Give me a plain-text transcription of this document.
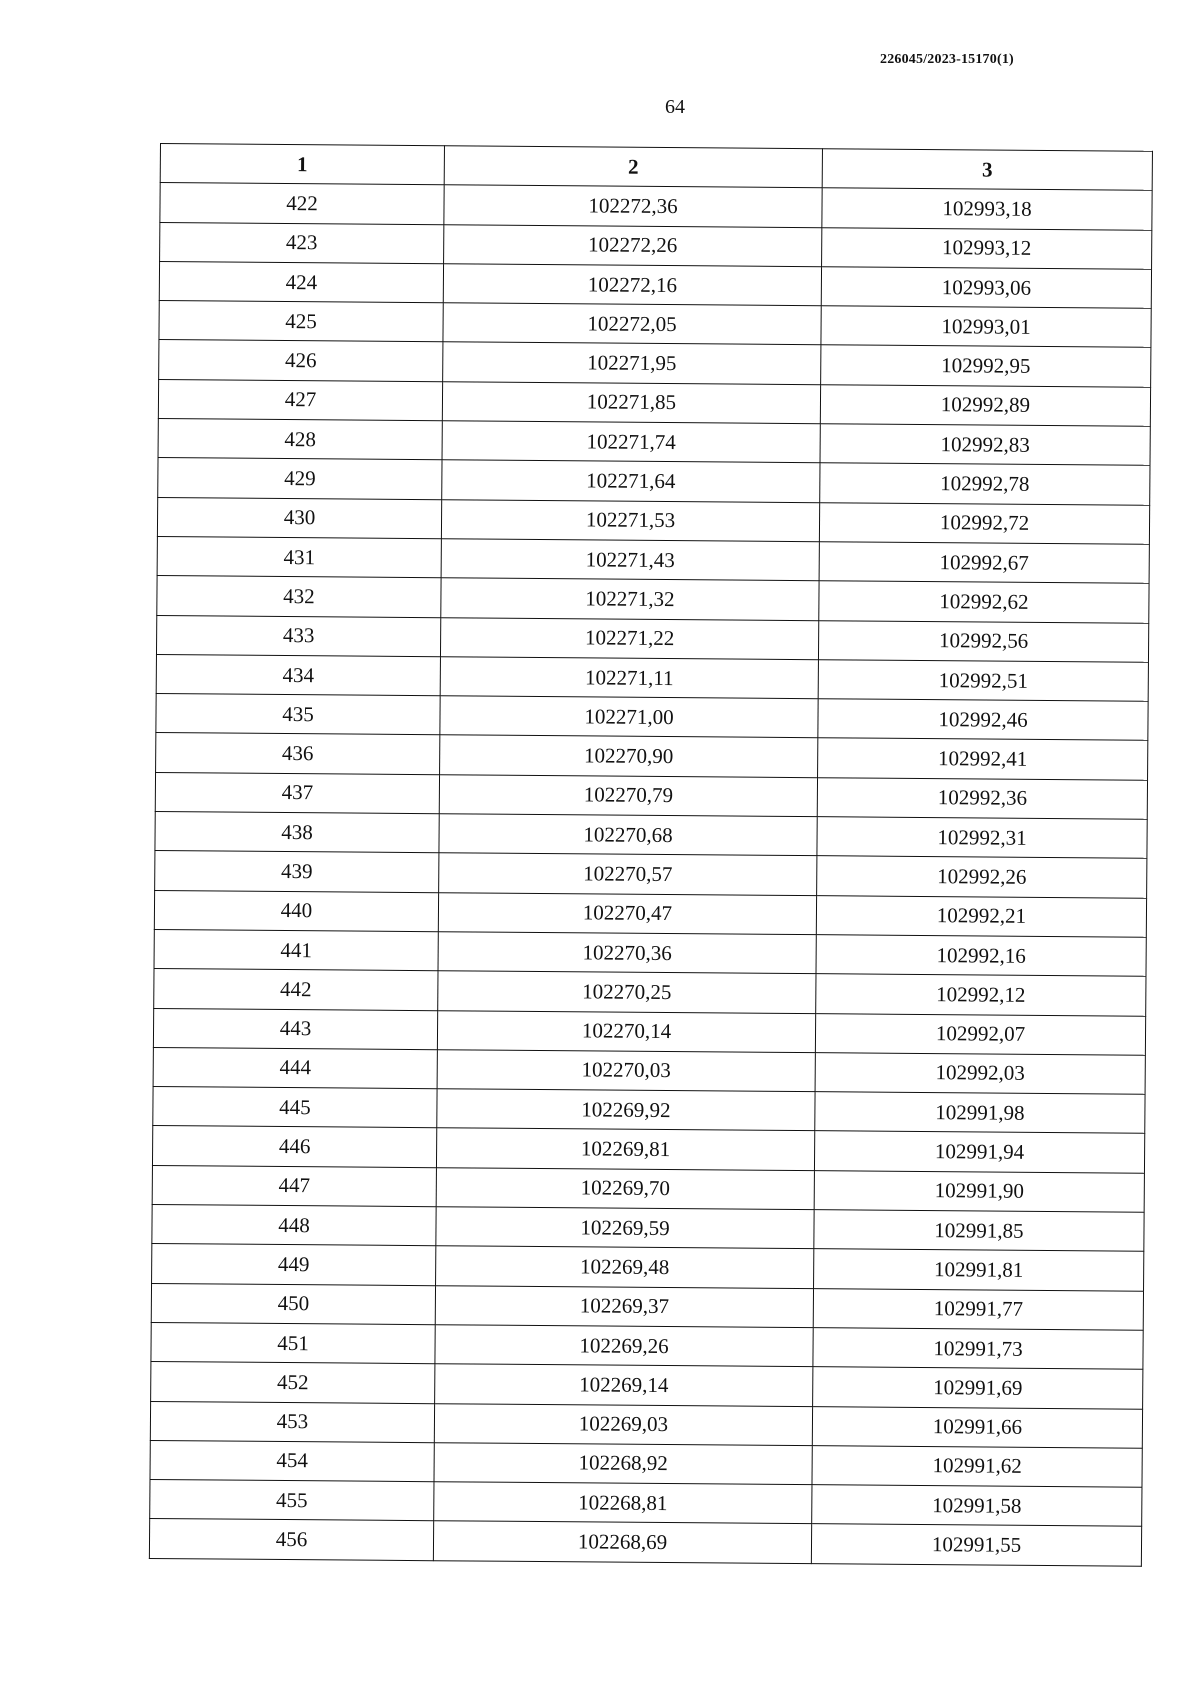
226045/2023-15170(1)
64
1	2	3
422	102272,36	102993,18
423	102272,26	102993,12
424	102272,16	102993,06
425	102272,05	102993,01
426	102271,95	102992,95
427	102271,85	102992,89
428	102271,74	102992,83
429	102271,64	102992,78
430	102271,53	102992,72
431	102271,43	102992,67
432	102271,32	102992,62
433	102271,22	102992,56
434	102271,11	102992,51
435	102271,00	102992,46
436	102270,90	102992,41
437	102270,79	102992,36
438	102270,68	102992,31
439	102270,57	102992,26
440	102270,47	102992,21
441	102270,36	102992,16
442	102270,25	102992,12
443	102270,14	102992,07
444	102270,03	102992,03
445	102269,92	102991,98
446	102269,81	102991,94
447	102269,70	102991,90
448	102269,59	102991,85
449	102269,48	102991,81
450	102269,37	102991,77
451	102269,26	102991,73
452	102269,14	102991,69
453	102269,03	102991,66
454	102268,92	102991,62
455	102268,81	102991,58
456	102268,69	102991,55
